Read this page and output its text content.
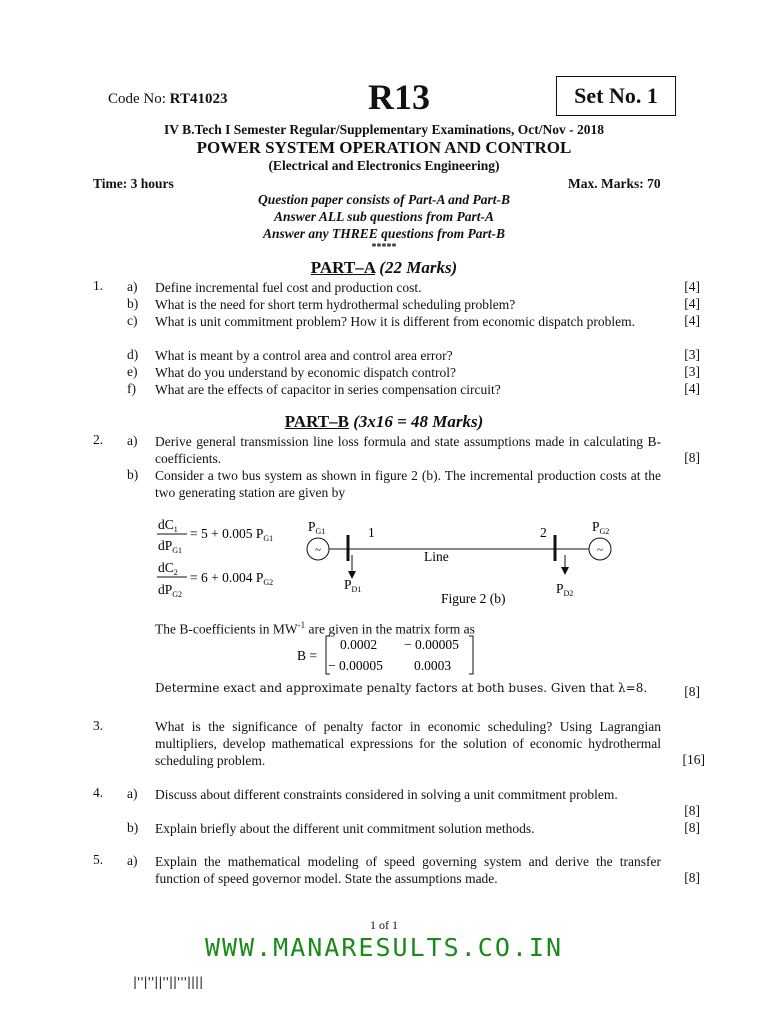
Code No: RT41023	R13	Set No. 1
IV B.Tech I Semester Regular/Supplementary Examinations, Oct/Nov - 2018
POWER SYSTEM OPERATION AND CONTROL
(Electrical and Electronics Engineering)
Time: 3 hours	Max. Marks: 70
Question paper consists of Part-A and Part-B
Answer ALL sub questions from Part-A
Answer any THREE questions from Part-B
*****
PART–A (22 Marks)
1. a) Define incremental fuel cost and production cost.	[4]
b) What is the need for short term hydrothermal scheduling problem?	[4]
c) What is unit commitment problem? How it is different from economic dispatch problem.	[4]
d) What is meant by a control area and control area error?	[3]
e) What do you understand by economic dispatch control?	[3]
f) What are the effects of capacitor in series compensation circuit?	[4]
PART–B (3x16 = 48 Marks)
2. a) Derive general transmission line loss formula and state assumptions made in calculating B- coefficients.	[8]
b) Consider a two bus system as shown in figure 2 (b). The incremental production costs at the two generating station are given by
$dC_1$
$dP_{G1}$
= 5 + 0.005 $P_{G1}$
$dC_2$
$dP_{G2}$
= 6 + 0.004 $P_{G2}$
$P_{G1}$
~
1
Line
$P_{D1}$
2
~
$P_{G2}$
$P_{D2}$
Figure 2 (b)
The B-coefficients in $MW^{-1}$ are given in the matrix form as
B =
0.0002 − 0.00005
− 0.00005 0.0003
Determine exact and approximate penalty factors at both buses. Given that λ=8.	[8]
3.	What is the significance of penalty factor in economic scheduling? Using Lagrangian multipliers, develop mathematical expressions for the solution of economic hydrothermal scheduling problem.	[16]
4. a) Discuss about different constraints considered in solving a unit commitment problem.
[8]
b) Explain briefly about the different unit commitment solution methods.	[8]
5. a) Explain the mathematical modeling of speed governing system and derive the transfer function of speed governor model. State the assumptions made.	[8]
1 of 1
WWW.MANARESULTS.CO.IN
|''|''||''||'''||||
